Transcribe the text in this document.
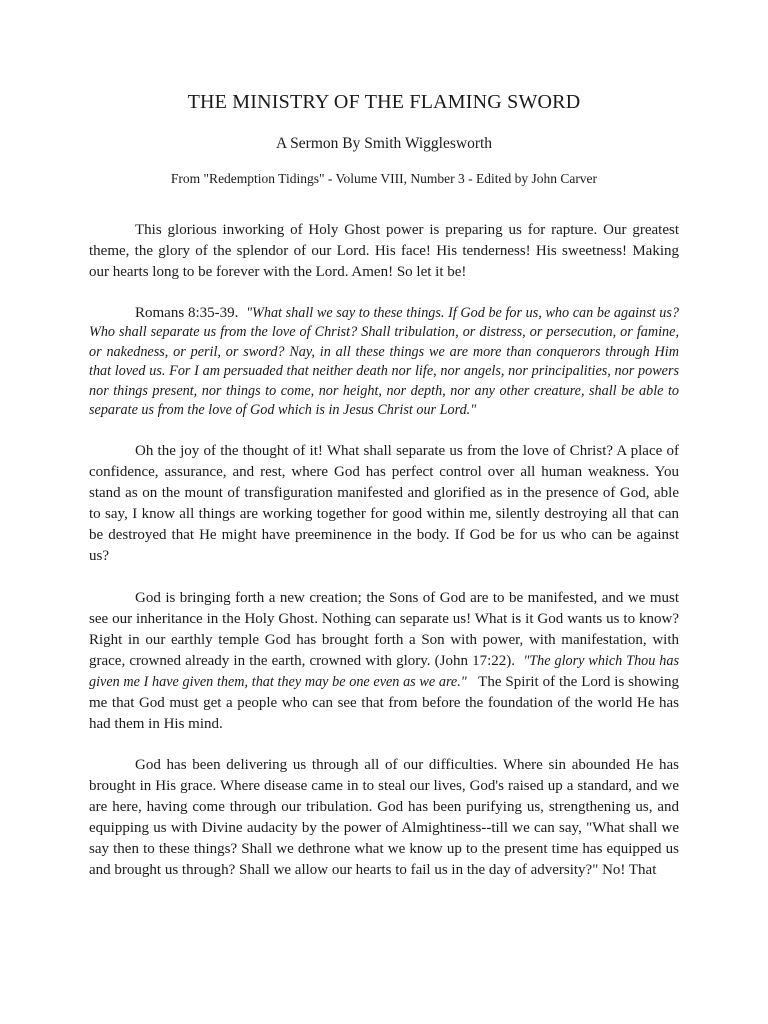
THE MINISTRY OF THE FLAMING SWORD

A Sermon By Smith Wigglesworth

From "Redemption Tidings" - Volume VIII, Number 3 - Edited by John Carver

This glorious inworking of Holy Ghost power is preparing us for rapture. Our greatest theme, the glory of the splendor of our Lord. His face! His tenderness! His sweetness! Making our hearts long to be forever with the Lord. Amen! So let it be!

Romans 8:35-39. "What shall we say to these things. If God be for us, who can be against us? Who shall separate us from the love of Christ? Shall tribulation, or distress, or persecution, or famine, or nakedness, or peril, or sword? Nay, in all these things we are more than conquerors through Him that loved us. For I am persuaded that neither death nor life, nor angels, nor principalities, nor powers nor things present, nor things to come, nor height, nor depth, nor any other creature, shall be able to separate us from the love of God which is in Jesus Christ our Lord."

Oh the joy of the thought of it! What shall separate us from the love of Christ? A place of confidence, assurance, and rest, where God has perfect control over all human weakness. You stand as on the mount of transfiguration manifested and glorified as in the presence of God, able to say, I know all things are working together for good within me, silently destroying all that can be destroyed that He might have preeminence in the body. If God be for us who can be against us?

God is bringing forth a new creation; the Sons of God are to be manifested, and we must see our inheritance in the Holy Ghost. Nothing can separate us! What is it God wants us to know? Right in our earthly temple God has brought forth a Son with power, with manifestation, with grace, crowned already in the earth, crowned with glory. (John 17:22). "The glory which Thou has given me I have given them, that they may be one even as we are." The Spirit of the Lord is showing me that God must get a people who can see that from before the foundation of the world He has had them in His mind.

God has been delivering us through all of our difficulties. Where sin abounded He has brought in His grace. Where disease came in to steal our lives, God's raised up a standard, and we are here, having come through our tribulation. God has been purifying us, strengthening us, and equipping us with Divine audacity by the power of Almightiness--till we can say, "What shall we say then to these things? Shall we dethrone what we know up to the present time has equipped us and brought us through? Shall we allow our hearts to fail us in the day of adversity?" No! That
